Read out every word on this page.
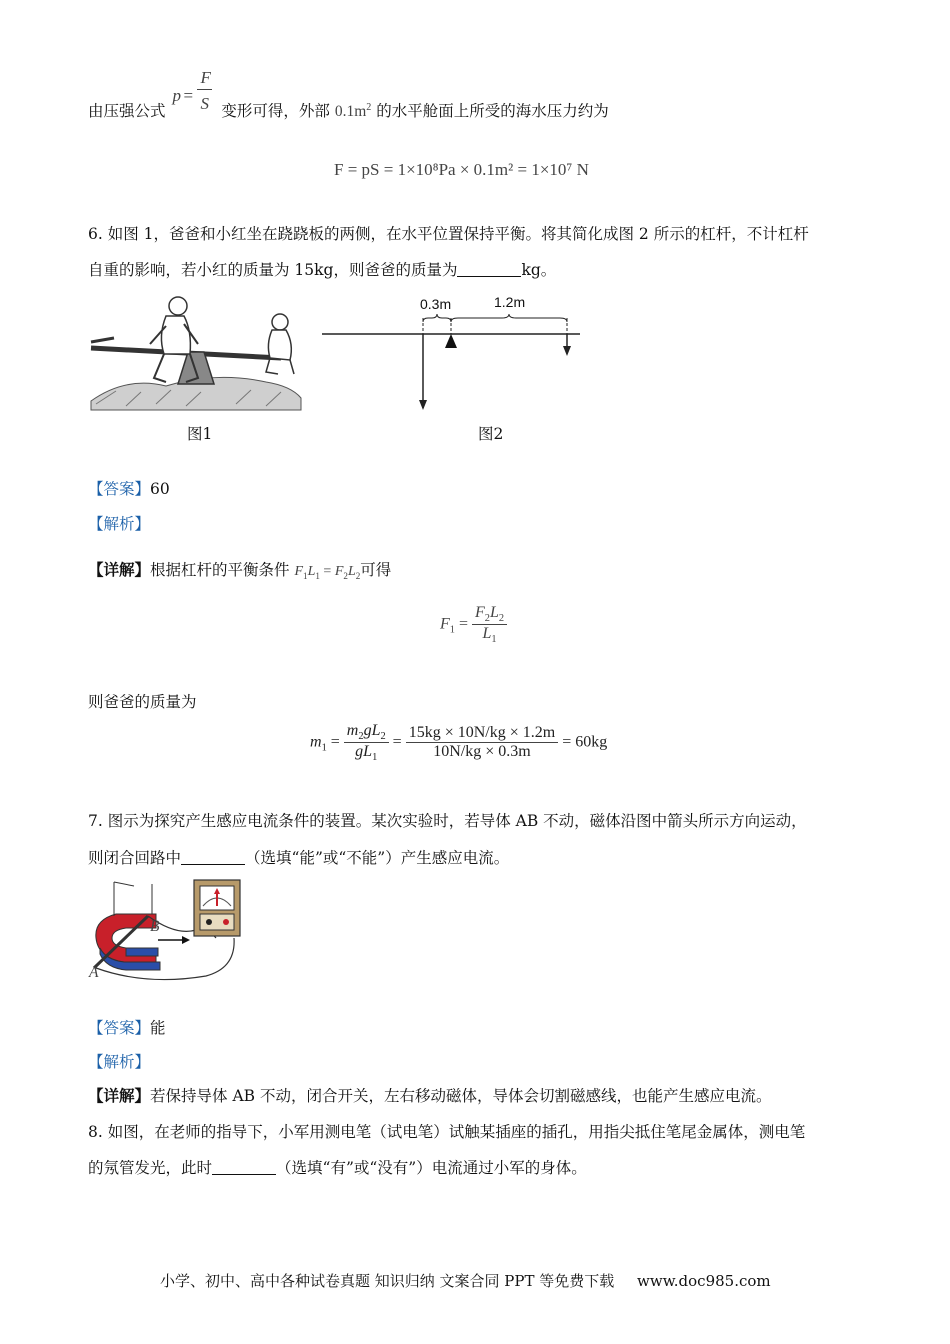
由压强公式
p =
F
S 变形可得，外部 $0.1m^2$ 的水平舱面上所受的海水压力约为
F = pS = 1×10⁸Pa × 0.1m² = 1×10⁷ N
6. 如图 1，爸爸和小红坐在跷跷板的两侧，在水平位置保持平衡。将其简化成图 2 所示的杠杆，不计杠杆
自重的影响，若小红的质量为 15kg，则爸爸的质量为	kg。
图1
0.3m	1.2m
图2
【答案】60
【解析】
【详解】根据杠杆的平衡条件 $F_1L_1 = F_2L_2$可得
$F_1 = \frac{F_2L_2}{L_1}$
则爸爸的质量为
$m_1 = \frac{m_2gL_2}{gL_1} = \frac{15kg \times 10N/kg \times 1.2m}{10N/kg \times 0.3m} = 60kg$
7. 图示为探究产生感应电流条件的装置。某次实验时，若导体 AB 不动，磁体沿图中箭头所示方向运动，
则闭合回路中	（选填“能”或“不能”）产生感应电流。
B
A
【答案】能
【解析】
【详解】若保持导体 AB 不动，闭合开关，左右移动磁体，导体会切割磁感线，也能产生感应电流。
8. 如图，在老师的指导下，小军用测电笔（试电笔）试触某插座的插孔，用指尖抵住笔尾金属体，测电笔
的氖管发光，此时	（选填“有”或“没有”）电流通过小军的身体。
小学、初中、高中各种试卷真题 知识归纳 文案合同 PPT 等免费下载 www.doc985.com
